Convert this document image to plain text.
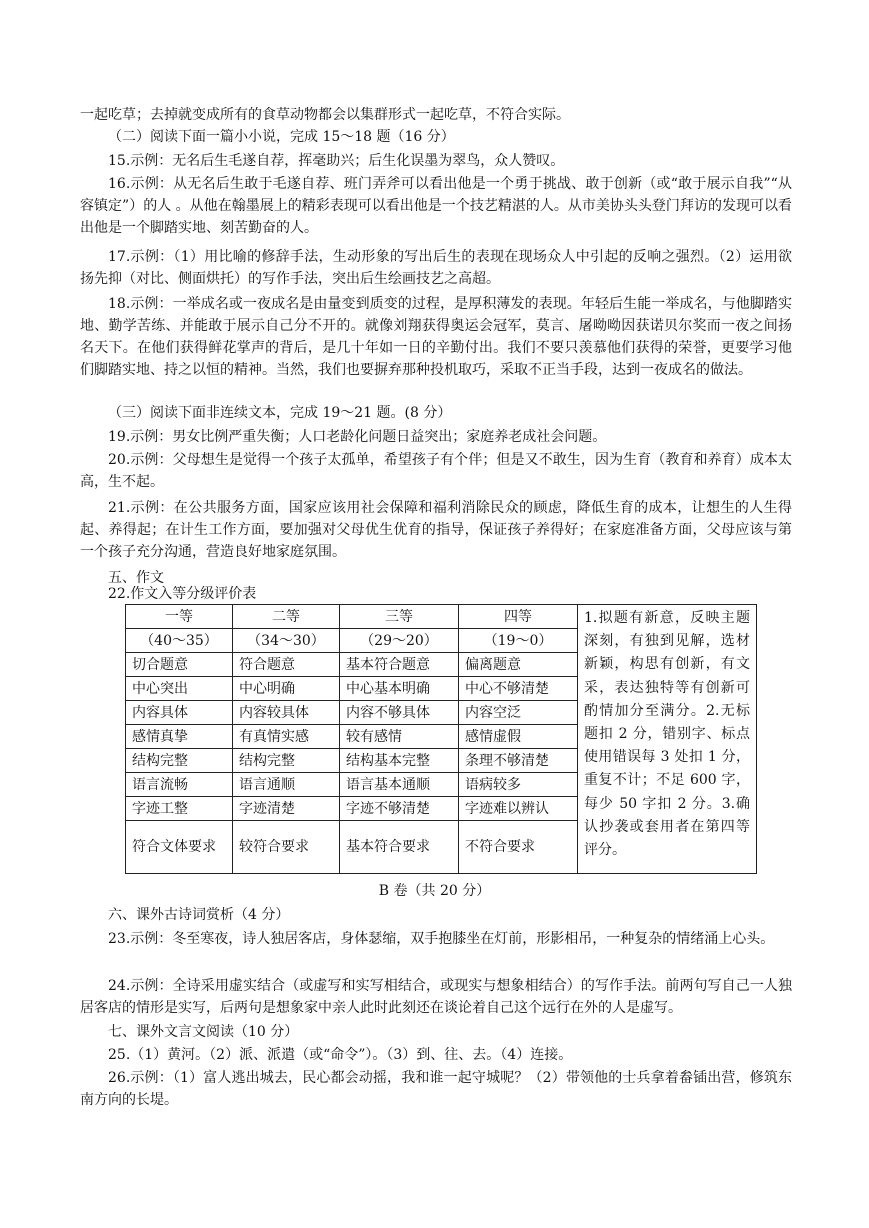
一起吃草；去掉就变成所有的食草动物都会以集群形式一起吃草，不符合实际。

（二）阅读下面一篇小小说，完成 15～18 题（16 分）

15.示例：无名后生毛遂自荐，挥毫助兴；后生化误墨为翠鸟，众人赞叹。

16.示例：从无名后生敢于毛遂自荐、班门弄斧可以看出他是一个勇于挑战、敢于创新（或“敢于展示自我”“从容镇定”）的人 。从他在翰墨展上的精彩表现可以看出他是一个技艺精湛的人。从市美协头头登门拜访的发现可以看出他是一个脚踏实地、刻苦勤奋的人。

17.示例：（1）用比喻的修辞手法，生动形象的写出后生的表现在现场众人中引起的反响之强烈。（2）运用欲扬先抑（对比、侧面烘托）的写作手法，突出后生绘画技艺之高超。

18.示例：一举成名或一夜成名是由量变到质变的过程，是厚积薄发的表现。年轻后生能一举成名，与他脚踏实地、勤学苦练、并能敢于展示自己分不开的。就像刘翔获得奥运会冠军，莫言、屠呦呦因获诺贝尔奖而一夜之间扬名天下。在他们获得鲜花掌声的背后，是几十年如一日的辛勤付出。我们不要只羡慕他们获得的荣誉，更要学习他们脚踏实地、持之以恒的精神。当然，我们也要摒弃那种投机取巧，采取不正当手段，达到一夜成名的做法。

（三）阅读下面非连续文本，完成 19～21 题。(8 分）

19.示例：男女比例严重失衡；人口老龄化问题日益突出；家庭养老成社会问题。

20.示例：父母想生是觉得一个孩子太孤单，希望孩子有个伴；但是又不敢生，因为生育（教育和养育）成本太高，生不起。

21.示例：在公共服务方面，国家应该用社会保障和福利消除民众的顾虑，降低生育的成本，让想生的人生得起、养得起；在计生工作方面，要加强对父母优生优育的指导，保证孩子养得好；在家庭准备方面，父母应该与第一个孩子充分沟通，营造良好地家庭氛围。

五、作文

22.作文入等分级评价表

一等	二等	三等	四等	1.拟题有新意，反映主题深刻，有独到见解，选材新颖，构思有创新，有文采，表达独特等有创新可酌情加分至满分。2.无标题扣 2 分，错别字、标点使用错误每 3 处扣 1 分，重复不计；不足 600 字，每少 50 字扣 2 分。3.确认抄袭或套用者在第四等评分。
（40～35）	（34～30）	（29～20）	（19～0）	
切合题意	符合题意	基本符合题意	偏离题意	
中心突出	中心明确	中心基本明确	中心不够清楚	
内容具体	内容较具体	内容不够具体	内容空泛	
感情真挚	有真情实感	较有感情	感情虚假	
结构完整	结构完整	结构基本完整	条理不够清楚	
语言流畅	语言通顺	语言基本通顺	语病较多	
字迹工整	字迹清楚	字迹不够清楚	字迹难以辨认	
符合文体要求	较符合要求	基本符合要求	不符合要求	
B 卷（共 20 分）

六、课外古诗词赏析（4 分）

23.示例：冬至寒夜，诗人独居客店，身体瑟缩，双手抱膝坐在灯前，形影相吊，一种复杂的情绪涌上心头。

24.示例：全诗采用虚实结合（或虚写和实写相结合，或现实与想象相结合）的写作手法。前两句写自己一人独居客店的情形是实写，后两句是想象家中亲人此时此刻还在谈论着自己这个远行在外的人是虚写。

七、课外文言文阅读（10 分）

25.（1）黄河。（2）派、派遣（或“命令”）。（3）到、往、去。（4）连接。

26.示例：（1）富人逃出城去，民心都会动摇，我和谁一起守城呢？（2）带领他的士兵拿着畚锸出营，修筑东南方向的长堤。
